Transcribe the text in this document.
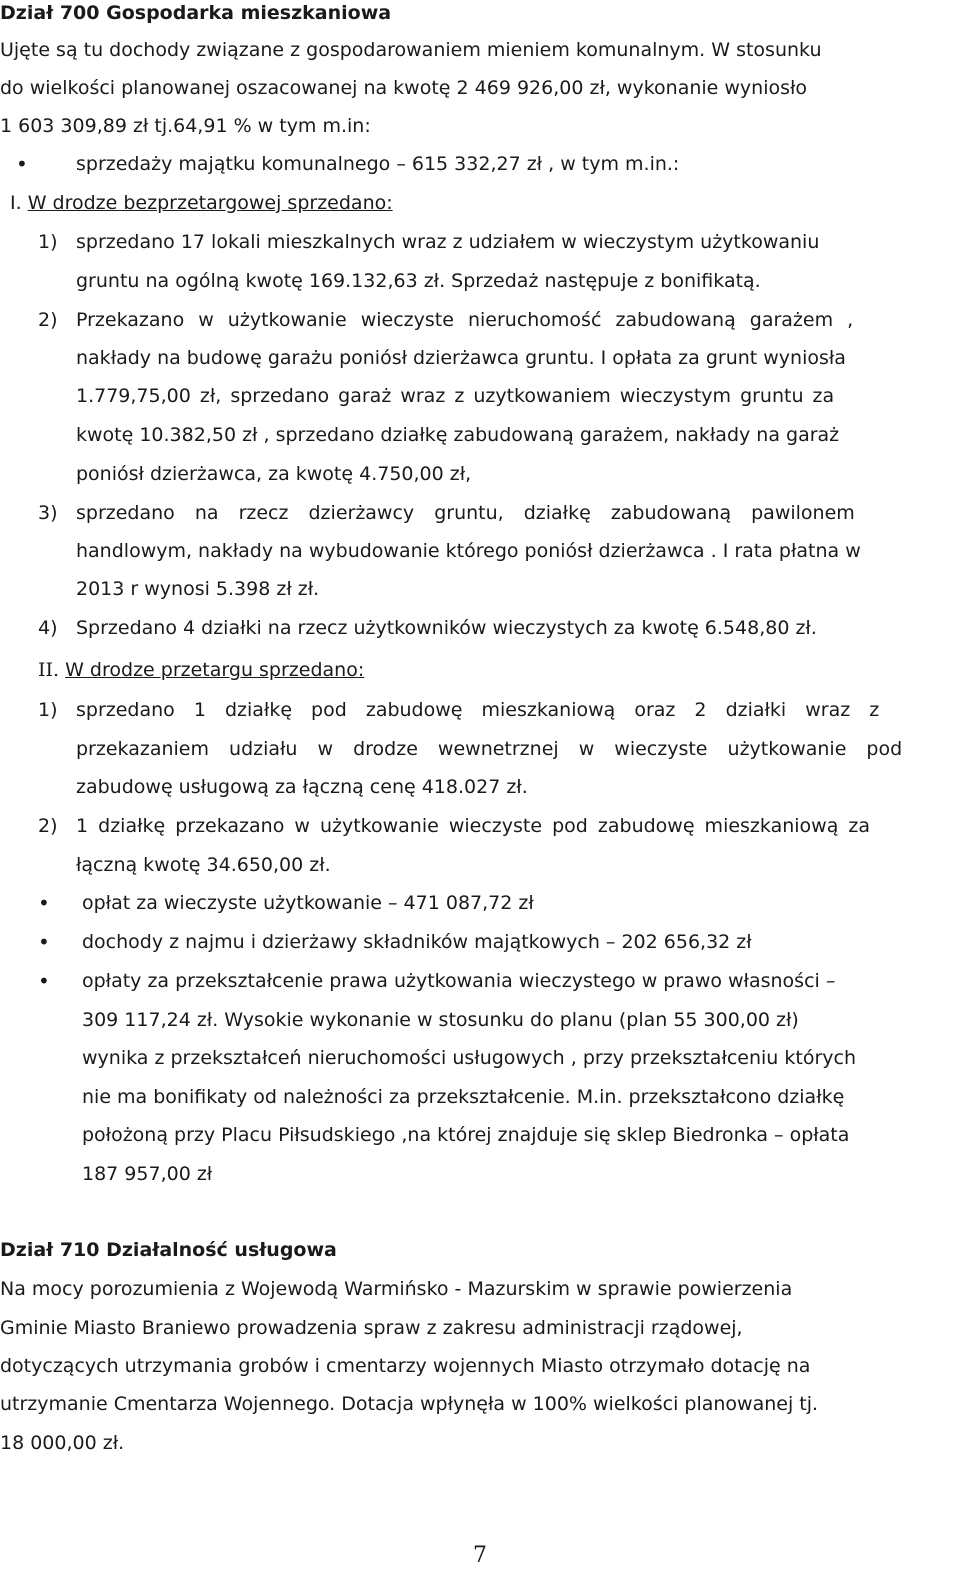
Dział 700 Gospodarka mieszkaniowa
Ujęte są tu dochody związane z gospodarowaniem mieniem komunalnym. W stosunku
do wielkości planowanej oszacowanej na kwotę 2 469 926,00 zł, wykonanie wyniosło
1 603 309,89 zł tj.64,91 % w tym m.in:
•	sprzedaży majątku komunalnego – 615 332,27 zł , w tym m.in.:
I. W drodze bezprzetargowej sprzedano:
1) sprzedano 17 lokali mieszkalnych wraz z udziałem w wieczystym użytkowaniu
gruntu na ogólną kwotę 169.132,63 zł. Sprzedaż następuje z bonifikatą.
2) Przekazano w użytkowanie wieczyste nieruchomość zabudowaną garażem ,
nakłady na budowę garażu poniósł dzierżawca gruntu. I opłata za grunt wyniosła
1.779,75,00 zł, sprzedano garaż wraz z uzytkowaniem wieczystym gruntu za
kwotę 10.382,50 zł , sprzedano działkę zabudowaną garażem, nakłady na garaż
poniósł dzierżawca, za kwotę 4.750,00 zł,
3) sprzedano na rzecz dzierżawcy gruntu, działkę zabudowaną pawilonem
handlowym, nakłady na wybudowanie którego poniósł dzierżawca . I rata płatna w
2013 r wynosi 5.398 zł zł.
4) Sprzedano 4 działki na rzecz użytkowników wieczystych za kwotę 6.548,80 zł.
II. W drodze przetargu sprzedano:
1) sprzedano 1 działkę pod zabudowę mieszkaniową oraz 2 działki wraz z
przekazaniem udziału w drodze wewnetrznej w wieczyste użytkowanie pod
zabudowę usługową za łączną cenę 418.027 zł.
2) 1 działkę przekazano w użytkowanie wieczyste pod zabudowę mieszkaniową za
łączną kwotę 34.650,00 zł.
• opłat za wieczyste użytkowanie – 471 087,72 zł
• dochody z najmu i dzierżawy składników majątkowych – 202 656,32 zł
• opłaty za przekształcenie prawa użytkowania wieczystego w prawo własności –
309 117,24 zł. Wysokie wykonanie w stosunku do planu (plan 55 300,00 zł)
wynika z przekształceń nieruchomości usługowych , przy przekształceniu których
nie ma bonifikaty od należności za przekształcenie. M.in. przekształcono działkę
położoną przy Placu Piłsudskiego ,na której znajduje się sklep Biedronka – opłata
187 957,00 zł
Dział 710 Działalność usługowa
Na mocy porozumienia z Wojewodą Warmińsko - Mazurskim w sprawie powierzenia
Gminie Miasto Braniewo prowadzenia spraw z zakresu administracji rządowej,
dotyczących utrzymania grobów i cmentarzy wojennych Miasto otrzymało dotację na
utrzymanie Cmentarza Wojennego. Dotacja wpłynęła w 100% wielkości planowanej tj.
18 000,00 zł.
7
